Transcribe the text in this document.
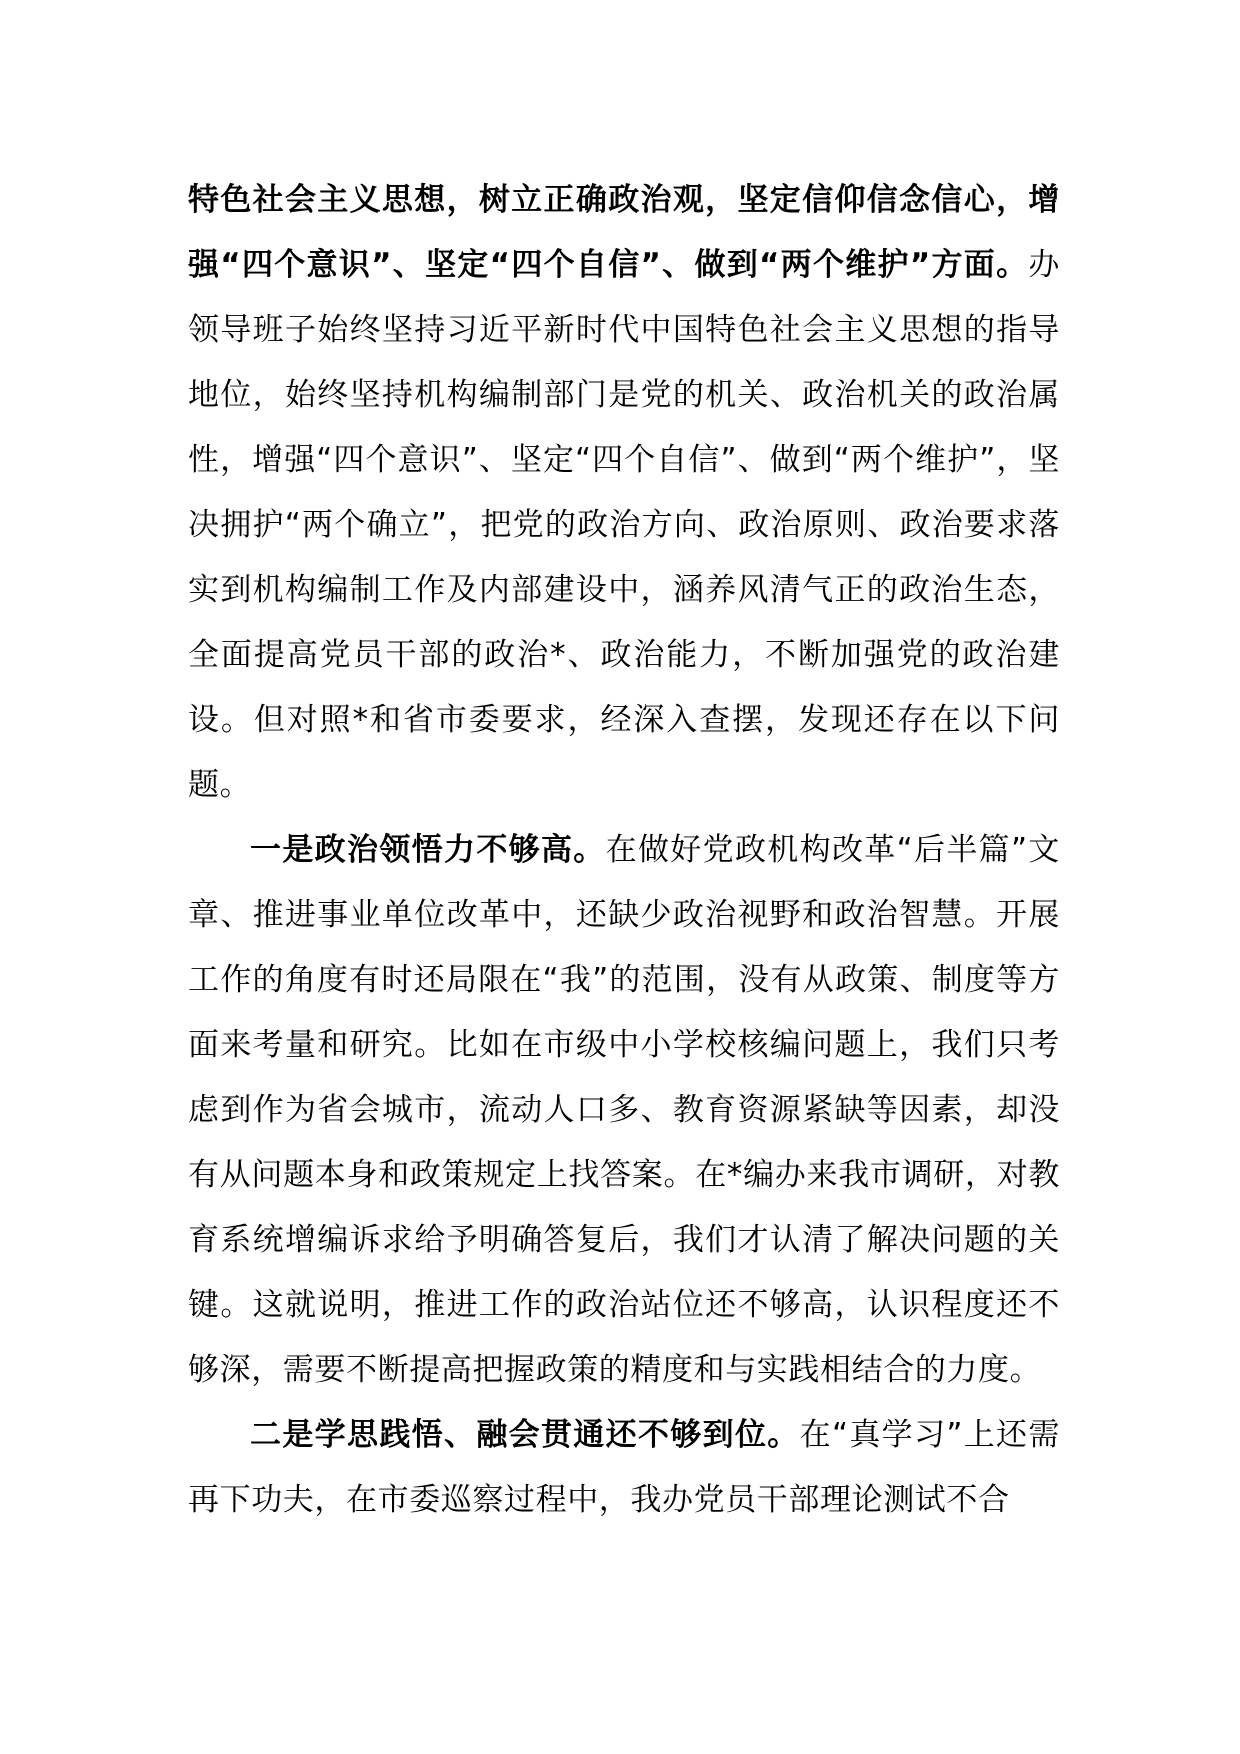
特色社会主义思想，树立正确政治观，坚定信仰信念信心，增强“四个意识”、坚定“四个自信”、做到“两个维护”方面。办领导班子始终坚持习近平新时代中国特色社会主义思想的指导地位，始终坚持机构编制部门是党的机关、政治机关的政治属性，增强“四个意识”、坚定“四个自信”、做到“两个维护”，坚决拥护“两个确立”，把党的政治方向、政治原则、政治要求落实到机构编制工作及内部建设中，涵养风清气正的政治生态，全面提高党员干部的政治*、政治能力，不断加强党的政治建设。但对照*和省市委要求，经深入查摆，发现还存在以下问题。

一是政治领悟力不够高。在做好党政机构改革“后半篇”文章、推进事业单位改革中，还缺少政治视野和政治智慧。开展工作的角度有时还局限在“我”的范围，没有从政策、制度等方面来考量和研究。比如在市级中小学校核编问题上，我们只考虑到作为省会城市，流动人口多、教育资源紧缺等因素，却没有从问题本身和政策规定上找答案。在*编办来我市调研，对教育系统增编诉求给予明确答复后，我们才认清了解决问题的关键。这就说明，推进工作的政治站位还不够高，认识程度还不够深，需要不断提高把握政策的精度和与实践相结合的力度。

二是学思践悟、融会贯通还不够到位。在“真学习”上还需再下功夫，在市委巡察过程中，我办党员干部理论测试不合
